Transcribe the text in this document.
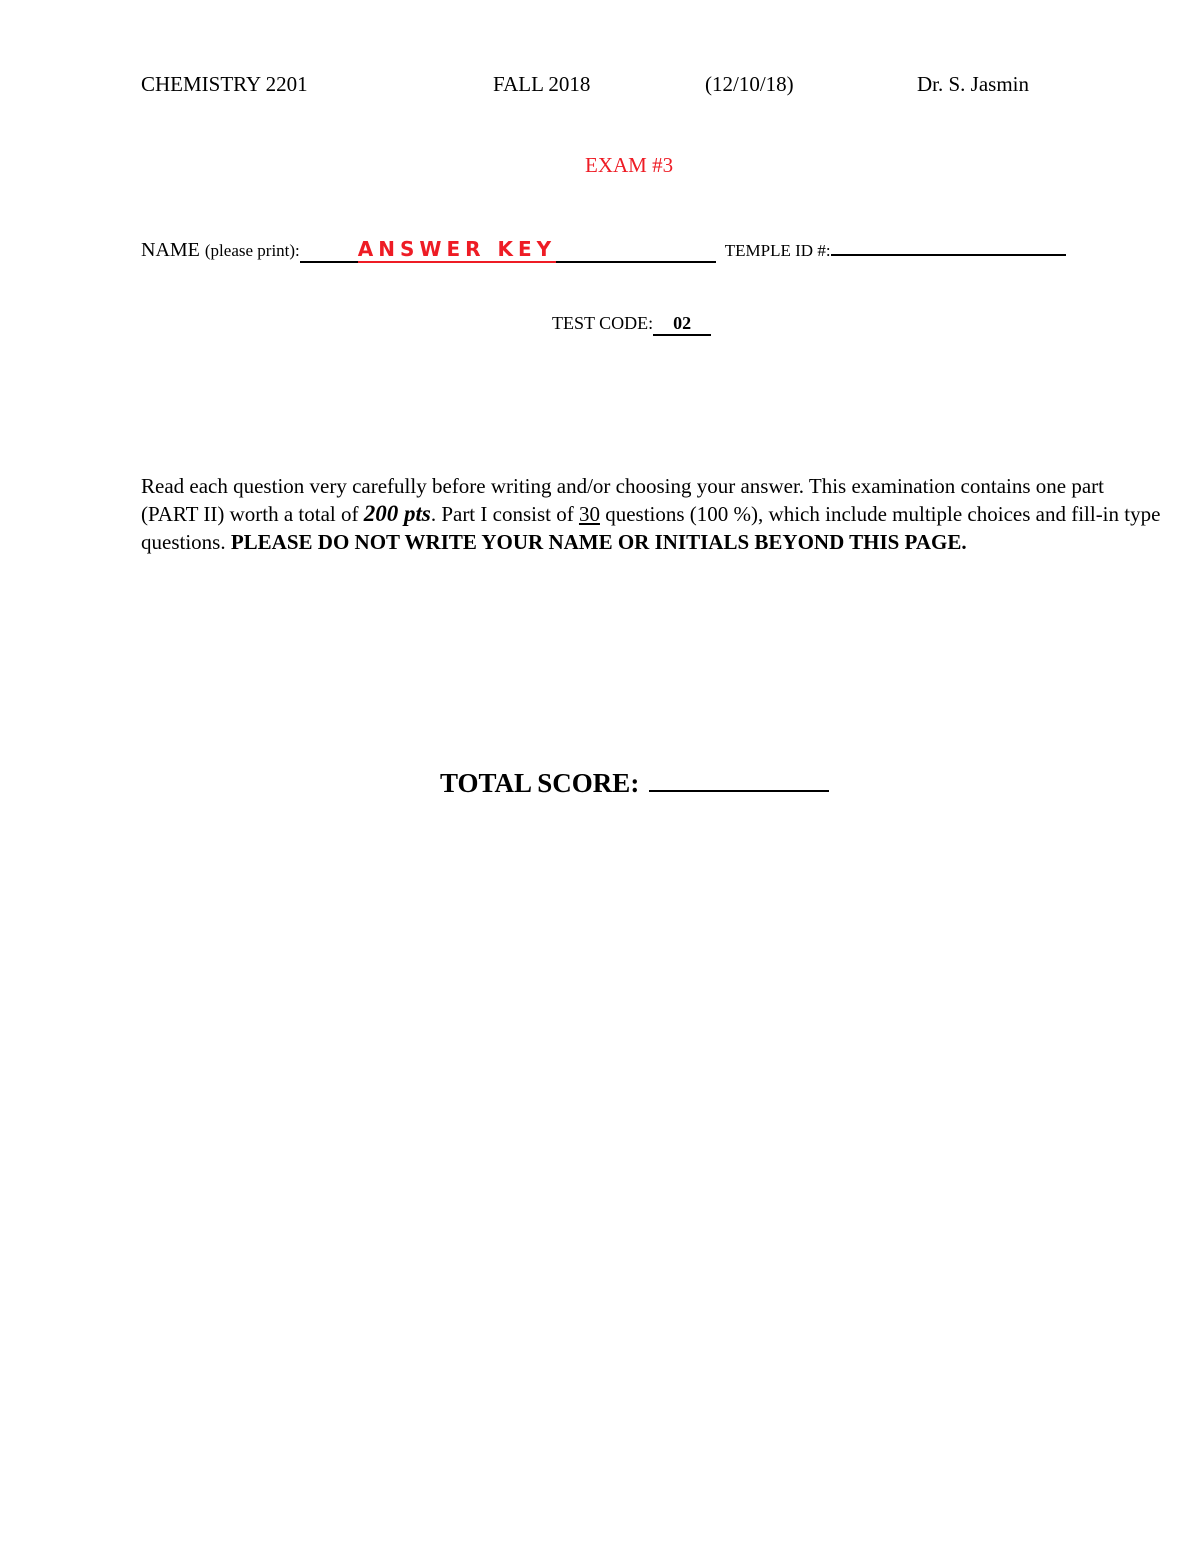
CHEMISTRY 2201	FALL 2018	(12/10/18)	Dr. S. Jasmin
EXAM #3
NAME (please print):	ANSWER KEY	TEMPLE ID #:
TEST CODE: 02

Read each question very carefully before writing and/or choosing your answer. This examination contains one part (PART II) worth a total of 200 pts. Part I consist of 30 questions (100 %), which include multiple choices and fill-in type questions. PLEASE DO NOT WRITE YOUR NAME OR INITIALS BEYOND THIS PAGE.

TOTAL SCORE:
